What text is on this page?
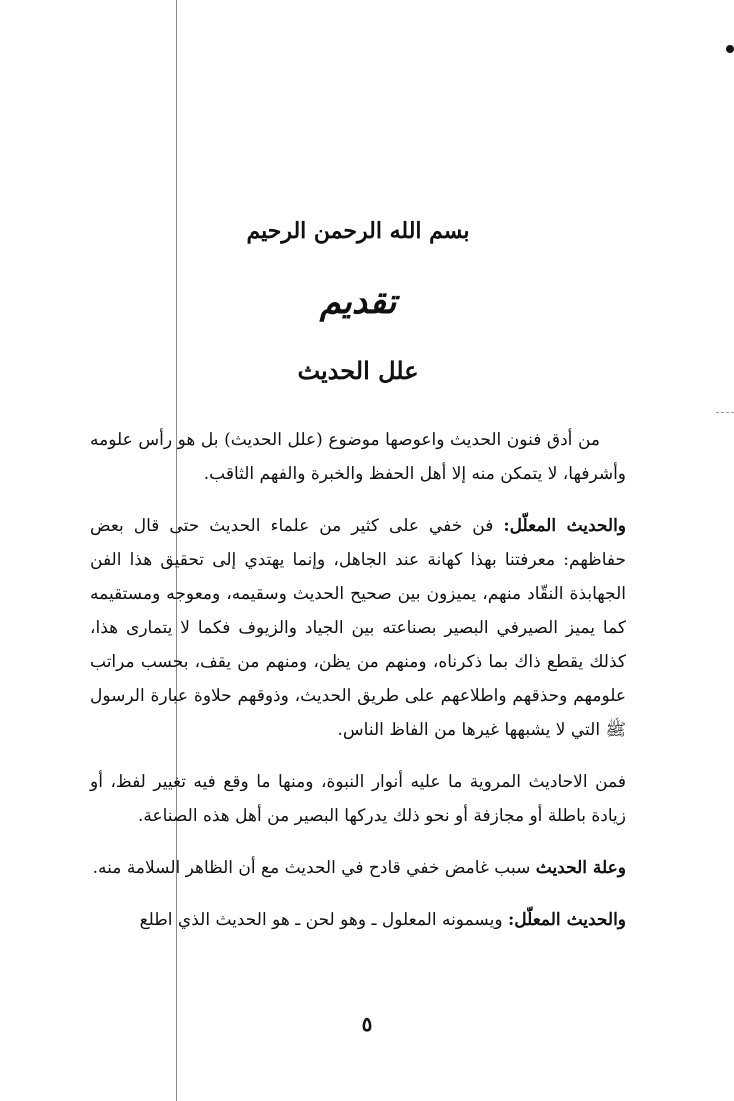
بسم الله الرحمن الرحيم
تقديم
علل الحديث

من أدق فنون الحديث واعوصها موضوع (علل الحديث) بل هو رأس علومه وأشرفها، لا يتمكن منه إلا أهل الحفظ والخبرة والفهم الثاقب.

والحديث المعلّل: فن خفي على كثير من علماء الحديث حتى قال بعض حفاظهم: معرفتنا بهذا كهانة عند الجاهل، وإنما يهتدي إلى تحقيق هذا الفن الجهابذة النقّاد منهم، يميزون بين صحيح الحديث وسقيمه، ومعوجه ومستقيمه كما يميز الصيرفي البصير بصناعته بين الجياد والزيوف فكما لا يتمارى هذا، كذلك يقطع ذاك بما ذكرناه، ومنهم من يظن، ومنهم من يقف، بحسب مراتب علومهم وحذقهم واطلاعهم على طريق الحديث، وذوقهم حلاوة عبارة الرسول ﷺ التي لا يشبهها غيرها من الفاظ الناس.

فمن الاحاديث المروية ما عليه أنوار النبوة، ومنها ما وقع فيه تغيير لفظ، أو زيادة باطلة أو مجازفة أو نحو ذلك يدركها البصير من أهل هذه الصناعة.

وعلة الحديث سبب غامض خفي قادح في الحديث مع أن الظاهر السلامة منه.

والحديث المعلّل: ويسمونه المعلول ـ وهو لحن ـ هو الحديث الذي اطلع

٥
